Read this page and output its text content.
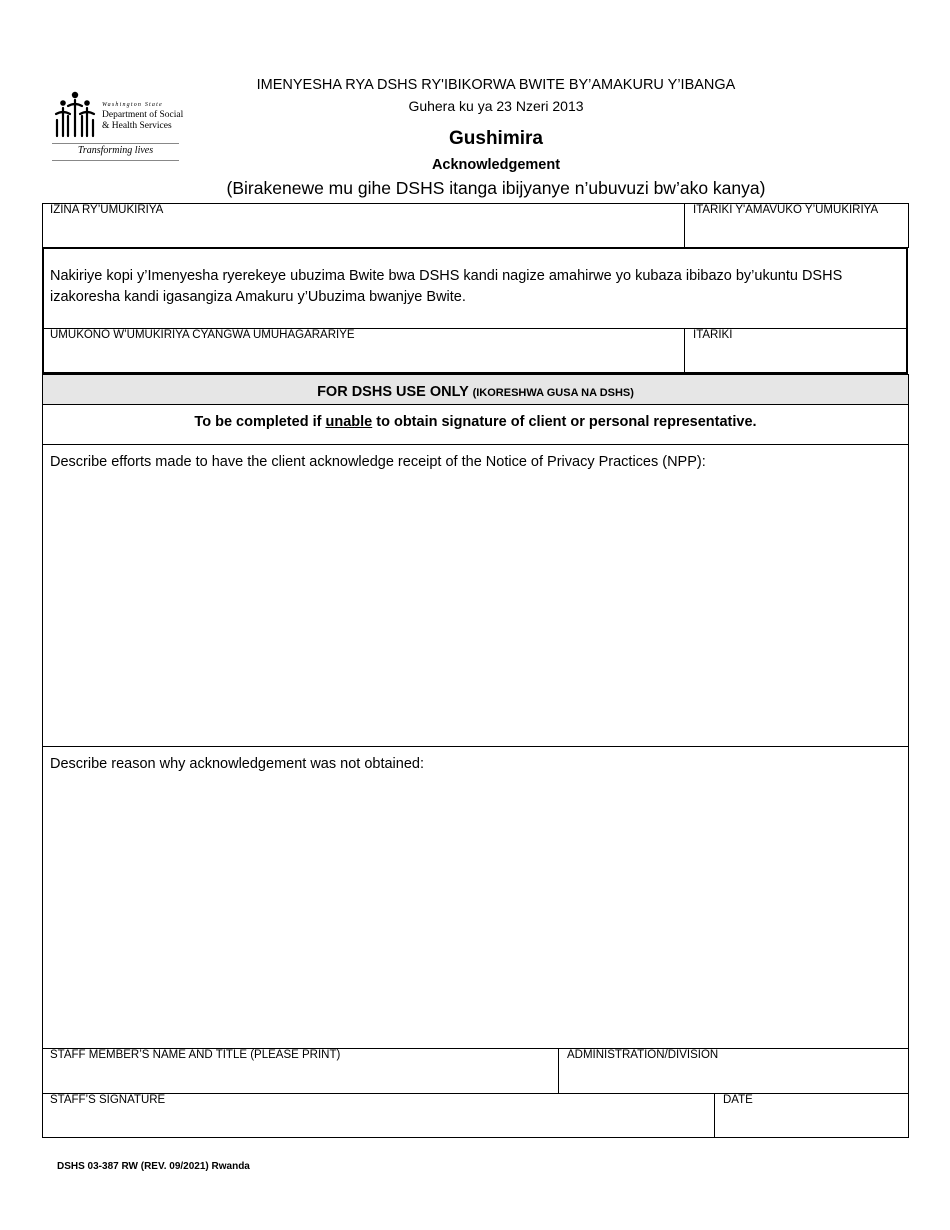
Washington State
Department of Social
& Health Services
Transforming lives
IMENYESHA RYA DSHS RY'IBIKORWA BWITE BY’AMAKURU Y’IBANGA
Guhera ku ya 23 Nzeri 2013
Gushimira
Acknowledgement
(Birakenewe mu gihe DSHS itanga ibijyanye n’ubuvuzi bw’ako kanya)
IZINA RY’UMUKIRIYA	ITARIKI Y'AMAVUKO Y’UMUKIRIYA
Nakiriye kopi y’Imenyesha ryerekeye ubuzima Bwite bwa DSHS kandi nagize amahirwe yo kubaza ibibazo by’ukuntu DSHS izakoresha kandi igasangiza Amakuru y’Ubuzima bwanjye Bwite.
UMUKONO W’UMUKIRIYA CYANGWA UMUHAGARARIYE	ITARIKI
FOR DSHS USE ONLY (IKORESHWA GUSA NA DSHS)
To be completed if unable to obtain signature of client or personal representative.
Describe efforts made to have the client acknowledge receipt of the Notice of Privacy Practices (NPP):
Describe reason why acknowledgement was not obtained:
STAFF MEMBER’S NAME AND TITLE (PLEASE PRINT)	ADMINISTRATION/DIVISION
STAFF’S SIGNATURE	DATE
DSHS 03-387 RW (REV. 09/2021) Rwanda
